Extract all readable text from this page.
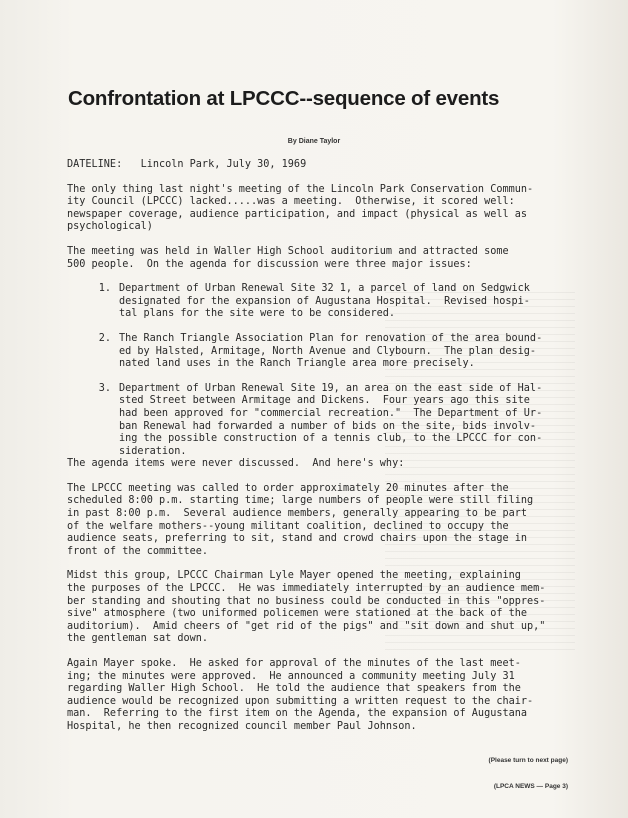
Confrontation at LPCCC--sequence of events
By Diane Taylor

DATELINE:   Lincoln Park, July 30, 1969

The only thing last night's meeting of the Lincoln Park Conservation Commun-
ity Council (LPCCC) lacked.....was a meeting.  Otherwise, it scored well:
newspaper coverage, audience participation, and impact (physical as well as
psychological)
The meeting was held in Waller High School auditorium and attracted some
500 people.  On the agenda for discussion were three major issues:
1. Department of Urban Renewal Site 32 1, a parcel of land on Sedgwick
designated for the expansion of Augustana Hospital.  Revised hospi-
tal plans for the site were to be considered.
2. The Ranch Triangle Association Plan for renovation of the area bound-
ed by Halsted, Armitage, North Avenue and Clybourn.  The plan desig-
nated land uses in the Ranch Triangle area more precisely.
3. Department of Urban Renewal Site 19, an area on the east side of Hal-
sted Street between Armitage and Dickens.  Four years ago this site
had been approved for "commercial recreation."  The Department of Ur-
ban Renewal had forwarded a number of bids on the site, bids involv-
ing the possible construction of a tennis club, to the LPCCC for con-
sideration.
The agenda items were never discussed.  And here's why:
The LPCCC meeting was called to order approximately 20 minutes after the
scheduled 8:00 p.m. starting time; large numbers of people were still filing
in past 8:00 p.m.  Several audience members, generally appearing to be part
of the welfare mothers--young militant coalition, declined to occupy the
audience seats, preferring to sit, stand and crowd chairs upon the stage in
front of the committee.
Midst this group, LPCCC Chairman Lyle Mayer opened the meeting, explaining
the purposes of the LPCCC.  He was immediately interrupted by an audience mem-
ber standing and shouting that no business could be conducted in this "oppres-
sive" atmosphere (two uniformed policemen were stationed at the back of the
auditorium).  Amid cheers of "get rid of the pigs" and "sit down and shut up,"
the gentleman sat down.
Again Mayer spoke.  He asked for approval of the minutes of the last meet-
ing; the minutes were approved.  He announced a community meeting July 31
regarding Waller High School.  He told the audience that speakers from the
audience would be recognized upon submitting a written request to the chair-
man.  Referring to the first item on the Agenda, the expansion of Augustana
Hospital, he then recognized council member Paul Johnson.
(Please turn to next page)
(LPCA NEWS — Page 3)
